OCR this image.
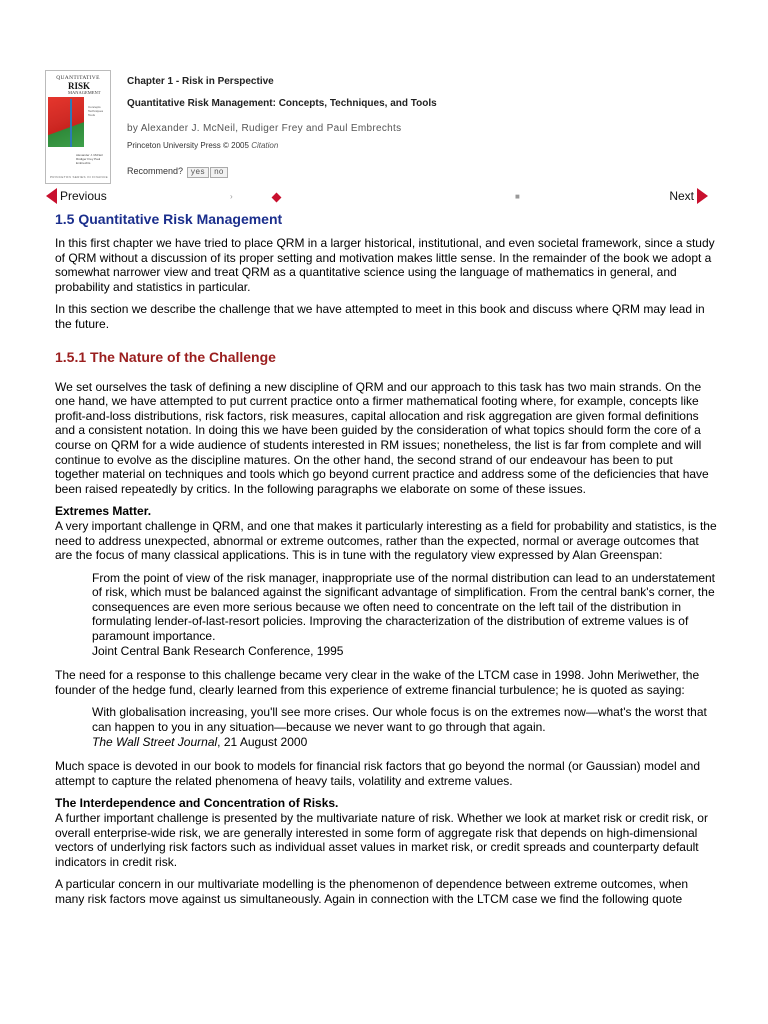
QUANTITATIVE
RISK
MANAGEMENT
Concepts Techniques Tools
Alexander J. McNeil Rüdiger Frey Paul Embrechts
PRINCETON SERIES IN FINANCE
Chapter 1 - Risk in Perspective
Quantitative Risk Management: Concepts, Techniques, and Tools
by Alexander J. McNeil, Rudiger Frey and Paul Embrechts
Princeton University Press © 2005 Citation
Recommend? yes no
Previous	›	■	Next
1.5 Quantitative Risk Management

In this first chapter we have tried to place QRM in a larger historical, institutional, and even societal framework, since a study of QRM without a discussion of its proper setting and motivation makes little sense. In the remainder of the book we adopt a somewhat narrower view and treat QRM as a quantitative science using the language of mathematics in general, and probability and statistics in particular.

In this section we describe the challenge that we have attempted to meet in this book and discuss where QRM may lead in the future.

1.5.1 The Nature of the Challenge

We set ourselves the task of defining a new discipline of QRM and our approach to this task has two main strands. On the one hand, we have attempted to put current practice onto a firmer mathematical footing where, for example, concepts like profit-and-loss distributions, risk factors, risk measures, capital allocation and risk aggregation are given formal definitions and a consistent notation. In doing this we have been guided by the consideration of what topics should form the core of a course on QRM for a wide audience of students interested in RM issues; nonetheless, the list is far from complete and will continue to evolve as the discipline matures. On the other hand, the second strand of our endeavour has been to put together material on techniques and tools which go beyond current practice and address some of the deficiencies that have been raised repeatedly by critics. In the following paragraphs we elaborate on some of these issues.

Extremes Matter.
A very important challenge in QRM, and one that makes it particularly interesting as a field for probability and statistics, is the need to address unexpected, abnormal or extreme outcomes, rather than the expected, normal or average outcomes that are the focus of many classical applications. This is in tune with the regulatory view expressed by Alan Greenspan:

From the point of view of the risk manager, inappropriate use of the normal distribution can lead to an understatement of risk, which must be balanced against the significant advantage of simplification. From the central bank's corner, the consequences are even more serious because we often need to concentrate on the left tail of the distribution in formulating lender-of-last-resort policies. Improving the characterization of the distribution of extreme values is of paramount importance.
Joint Central Bank Research Conference, 1995

The need for a response to this challenge became very clear in the wake of the LTCM case in 1998. John Meriwether, the founder of the hedge fund, clearly learned from this experience of extreme financial turbulence; he is quoted as saying:

With globalisation increasing, you'll see more crises. Our whole focus is on the extremes now—what's the worst that can happen to you in any situation—because we never want to go through that again.
The Wall Street Journal, 21 August 2000

Much space is devoted in our book to models for financial risk factors that go beyond the normal (or Gaussian) model and attempt to capture the related phenomena of heavy tails, volatility and extreme values.

The Interdependence and Concentration of Risks.
A further important challenge is presented by the multivariate nature of risk. Whether we look at market risk or credit risk, or overall enterprise-wide risk, we are generally interested in some form of aggregate risk that depends on high-dimensional vectors of underlying risk factors such as individual asset values in market risk, or credit spreads and counterparty default indicators in credit risk.

A particular concern in our multivariate modelling is the phenomenon of dependence between extreme outcomes, when many risk factors move against us simultaneously. Again in connection with the LTCM case we find the following quote
